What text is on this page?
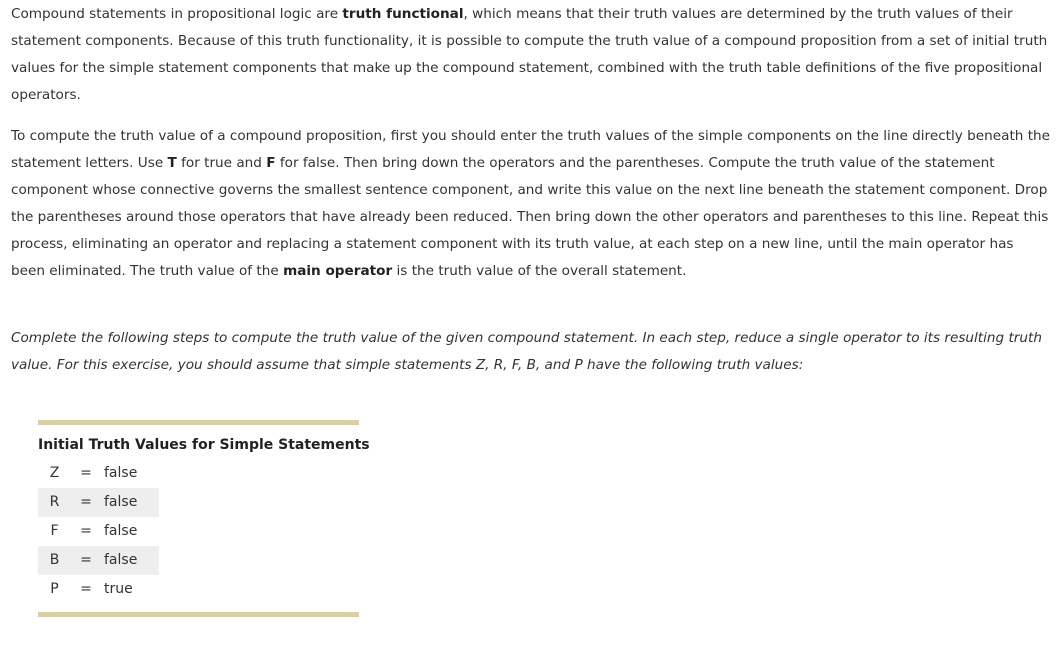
Compound statements in propositional logic are truth functional, which means that their truth values are determined by the truth values of their statement components. Because of this truth functionality, it is possible to compute the truth value of a compound proposition from a set of initial truth values for the simple statement components that make up the compound statement, combined with the truth table definitions of the five propositional operators.

To compute the truth value of a compound proposition, first you should enter the truth values of the simple components on the line directly beneath the statement letters. Use T for true and F for false. Then bring down the operators and the parentheses. Compute the truth value of the statement component whose connective governs the smallest sentence component, and write this value on the next line beneath the statement component. Drop the parentheses around those operators that have already been reduced. Then bring down the other operators and parentheses to this line. Repeat this process, eliminating an operator and replacing a statement component with its truth value, at each step on a new line, until the main operator has been eliminated. The truth value of the main operator is the truth value of the overall statement.

Complete the following steps to compute the truth value of the given compound statement. In each step, reduce a single operator to its resulting truth value. For this exercise, you should assume that simple statements Z, R, F, B, and P have the following truth values:

Initial Truth Values for Simple Statements
Z	= false
R	= false
F	= false
B	= false
P	= true
